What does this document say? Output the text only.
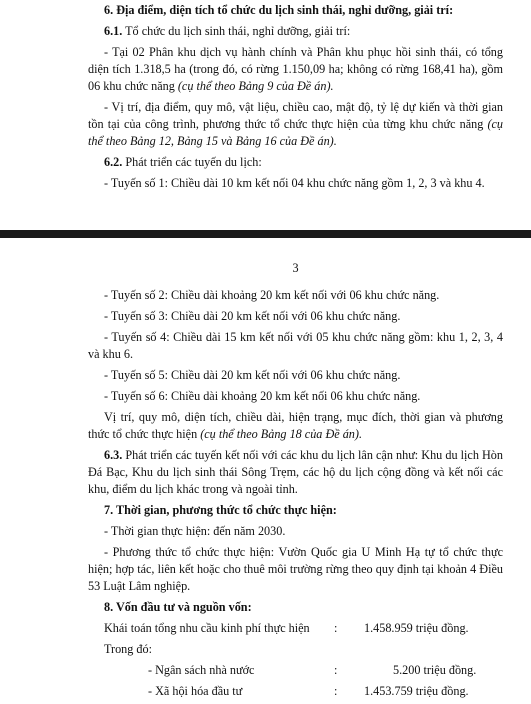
6. Địa điểm, diện tích tổ chức du lịch sinh thái, nghỉ dưỡng, giải trí:

6.1. Tổ chức du lịch sinh thái, nghỉ dưỡng, giải trí:

- Tại 02 Phân khu dịch vụ hành chính và Phân khu phục hồi sinh thái, có tổng diện tích 1.318,5 ha (trong đó, có rừng 1.150,09 ha; không có rừng 168,41 ha), gồm 06 khu chức năng (cụ thể theo Bảng 9 của Đề án).

- Vị trí, địa điểm, quy mô, vật liệu, chiều cao, mật độ, tỷ lệ dự kiến và thời gian tồn tại của công trình, phương thức tổ chức thực hiện của từng khu chức năng (cụ thể theo Bảng 12, Bảng 15 và Bảng 16 của Đề án).

6.2. Phát triển các tuyến du lịch:

- Tuyến số 1: Chiều dài 10 km kết nối 04 khu chức năng gồm 1, 2, 3 và khu 4.

3

- Tuyến số 2: Chiều dài khoảng 20 km kết nối với 06 khu chức năng.

- Tuyến số 3: Chiều dài 20 km kết nối với 06 khu chức năng.

- Tuyến số 4: Chiều dài 15 km kết nối với 05 khu chức năng gồm: khu 1, 2, 3, 4 và khu 6.

- Tuyến số 5: Chiều dài 20 km kết nối với 06 khu chức năng.

- Tuyến số 6: Chiều dài khoảng 20 km kết nối 06 khu chức năng.

Vị trí, quy mô, diện tích, chiều dài, hiện trạng, mục đích, thời gian và phương thức tổ chức thực hiện (cụ thể theo Bảng 18 của Đề án).

6.3. Phát triển các tuyến kết nối với các khu du lịch lân cận như: Khu du lịch Hòn Đá Bạc, Khu du lịch sinh thái Sông Trẹm, các hộ du lịch cộng đồng và kết nối các khu, điểm du lịch khác trong và ngoài tỉnh.

7. Thời gian, phương thức tổ chức thực hiện:

- Thời gian thực hiện: đến năm 2030.

- Phương thức tổ chức thực hiện: Vườn Quốc gia U Minh Hạ tự tổ chức thực hiện; hợp tác, liên kết hoặc cho thuê môi trường rừng theo quy định tại khoản 4 Điều 53 Luật Lâm nghiệp.

8. Vốn đầu tư và nguồn vốn:

Khái toán tổng nhu cầu kinh phí thực hiện : 1.458.959 triệu đồng.
Trong đó:
- Ngân sách nhà nước	:	5.200 triệu đồng.
- Xã hội hóa đầu tư	: 1.453.759 triệu đồng.
